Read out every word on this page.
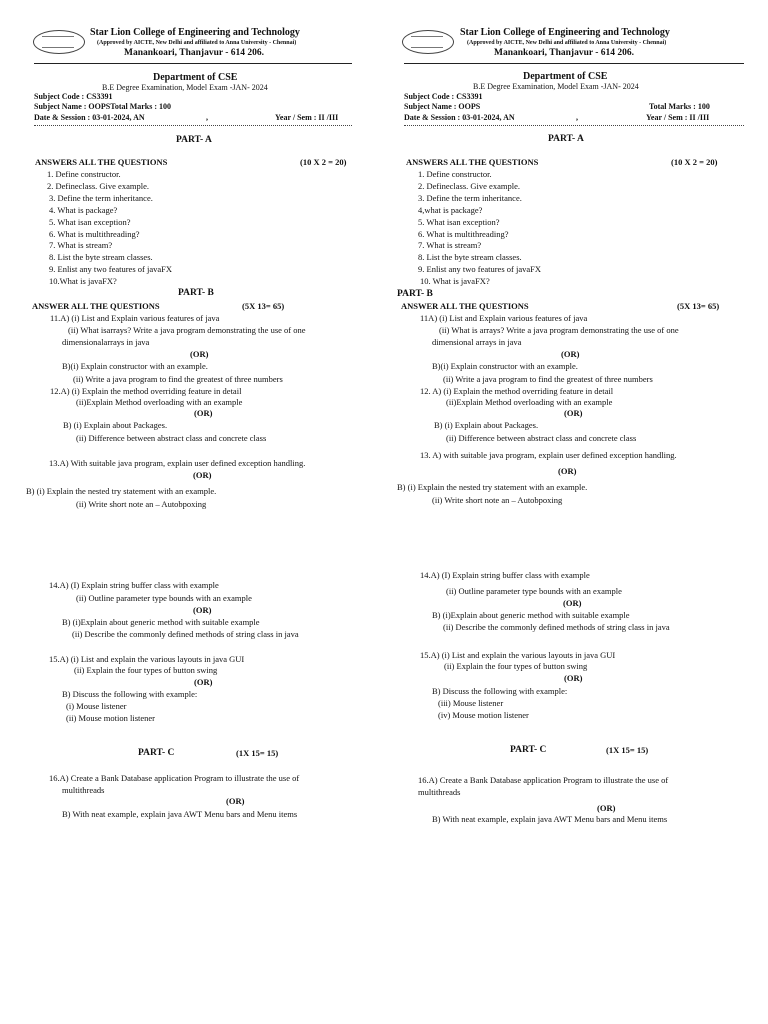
Star Lion College of Engineering and Technology
(Approved by AICTE, New Delhi and affiliated to Anna University - Chennai)
Manankoari, Thanjavur - 614 206.
Department of CSE
B.E Degree Examination, Model Exam -JAN- 2024
Subject Code : CS3391
Subject Name : OOPSTotal Marks : 100
Date & Session : 03-01-2024, AN	,	Year / Sem : II /III
PART- A
ANSWERS ALL THE QUESTIONS	(10 X 2 = 20)
1. Define constructor.
2. Defineclass. Give example.
3. Define the term inheritance.
4. What is package?
5. What isan exception?
6. What is multithreading?
7. What is stream?
8. List the byte stream classes.
9. Enlist any two features of javaFX
10.What is javaFX?
PART- B
ANSWER ALL THE QUESTIONS	(5X 13= 65)
11.A) (i) List and Explain various features of java
(ii) What isarrays? Write a java program demonstrating the use of one
dimensionalarrays in java
(OR)
B)(i) Explain constructor with an example.
(ii) Write a java program to find the greatest of three numbers
12.A) (i) Explain the method overriding feature in detail
(ii)Explain Method overloading with an example
(OR)
B) (i) Explain about Packages.
(ii) Difference between abstract class and concrete class
13.A) With suitable java program, explain user defined exception handling.
(OR)
B) (i) Explain the nested try statement with an example.
(ii) Write short note an – Autobpoxing
14.A) (I) Explain string buffer class with example
(ii) Outline parameter type bounds with an example
(OR)
B) (i)Explain about generic method with suitable example
(ii) Describe the commonly defined methods of string class in java
15.A) (i) List and explain the various layouts in java GUI
(ii) Explain the four types of button swing
(OR)
B) Discuss the following with example:
(i) Mouse listener
(ii) Mouse motion listener
PART- C	(1X 15= 15)
16.A) Create a Bank Database application Program to illustrate the use of
multithreads
(OR)
B) With neat example, explain java AWT Menu bars and Menu items
Star Lion College of Engineering and Technology
(Approved by AICTE, New Delhi and affiliated to Anna University - Chennai)
Manankoari, Thanjavur - 614 206.
Department of CSE
B.E Degree Examination, Model Exam -JAN- 2024
Subject Code : CS3391
Subject Name : OOPS	Total Marks : 100
Date & Session : 03-01-2024, AN	,	Year / Sem : II /III
PART- A
ANSWERS ALL THE QUESTIONS	(10 X 2 = 20)
1. Define constructor.
2. Defineclass. Give example.
3. Define the term inheritance.
4,what is package?
5. What isan exception?
6. What is multithreading?
7. What is stream?
8. List the byte stream classes.
9. Enlist any two features of javaFX
10. What is javaFX?
PART- B
ANSWER ALL THE QUESTIONS	(5X 13= 65)
11A) (i) List and Explain various features of java
(ii) What is arrays? Write a java program demonstrating the use of one
dimensional arrays in java
(OR)
B)(i) Explain constructor with an example.
(ii) Write a java program to find the greatest of three numbers
12. A) (i) Explain the method overriding feature in detail
(ii)Explain Method overloading with an example
(OR)
B) (i) Explain about Packages.
(ii) Difference between abstract class and concrete class
13. A) with suitable java program, explain user defined exception handling.
(OR)
B) (i) Explain the nested try statement with an example.
(ii) Write short note an – Autobpoxing
14.A) (I) Explain string buffer class with example
(ii) Outline parameter type bounds with an example
(OR)
B) (i)Explain about generic method with suitable example
(ii) Describe the commonly defined methods of string class in java
15.A) (i) List and explain the various layouts in java GUI
(ii) Explain the four types of button swing
(OR)
B) Discuss the following with example:
(iii) Mouse listener
(iv) Mouse motion listener
PART- C	(1X 15= 15)
16.A) Create a Bank Database application Program to illustrate the use of
multithreads
(OR)
B) With neat example, explain java AWT Menu bars and Menu items
